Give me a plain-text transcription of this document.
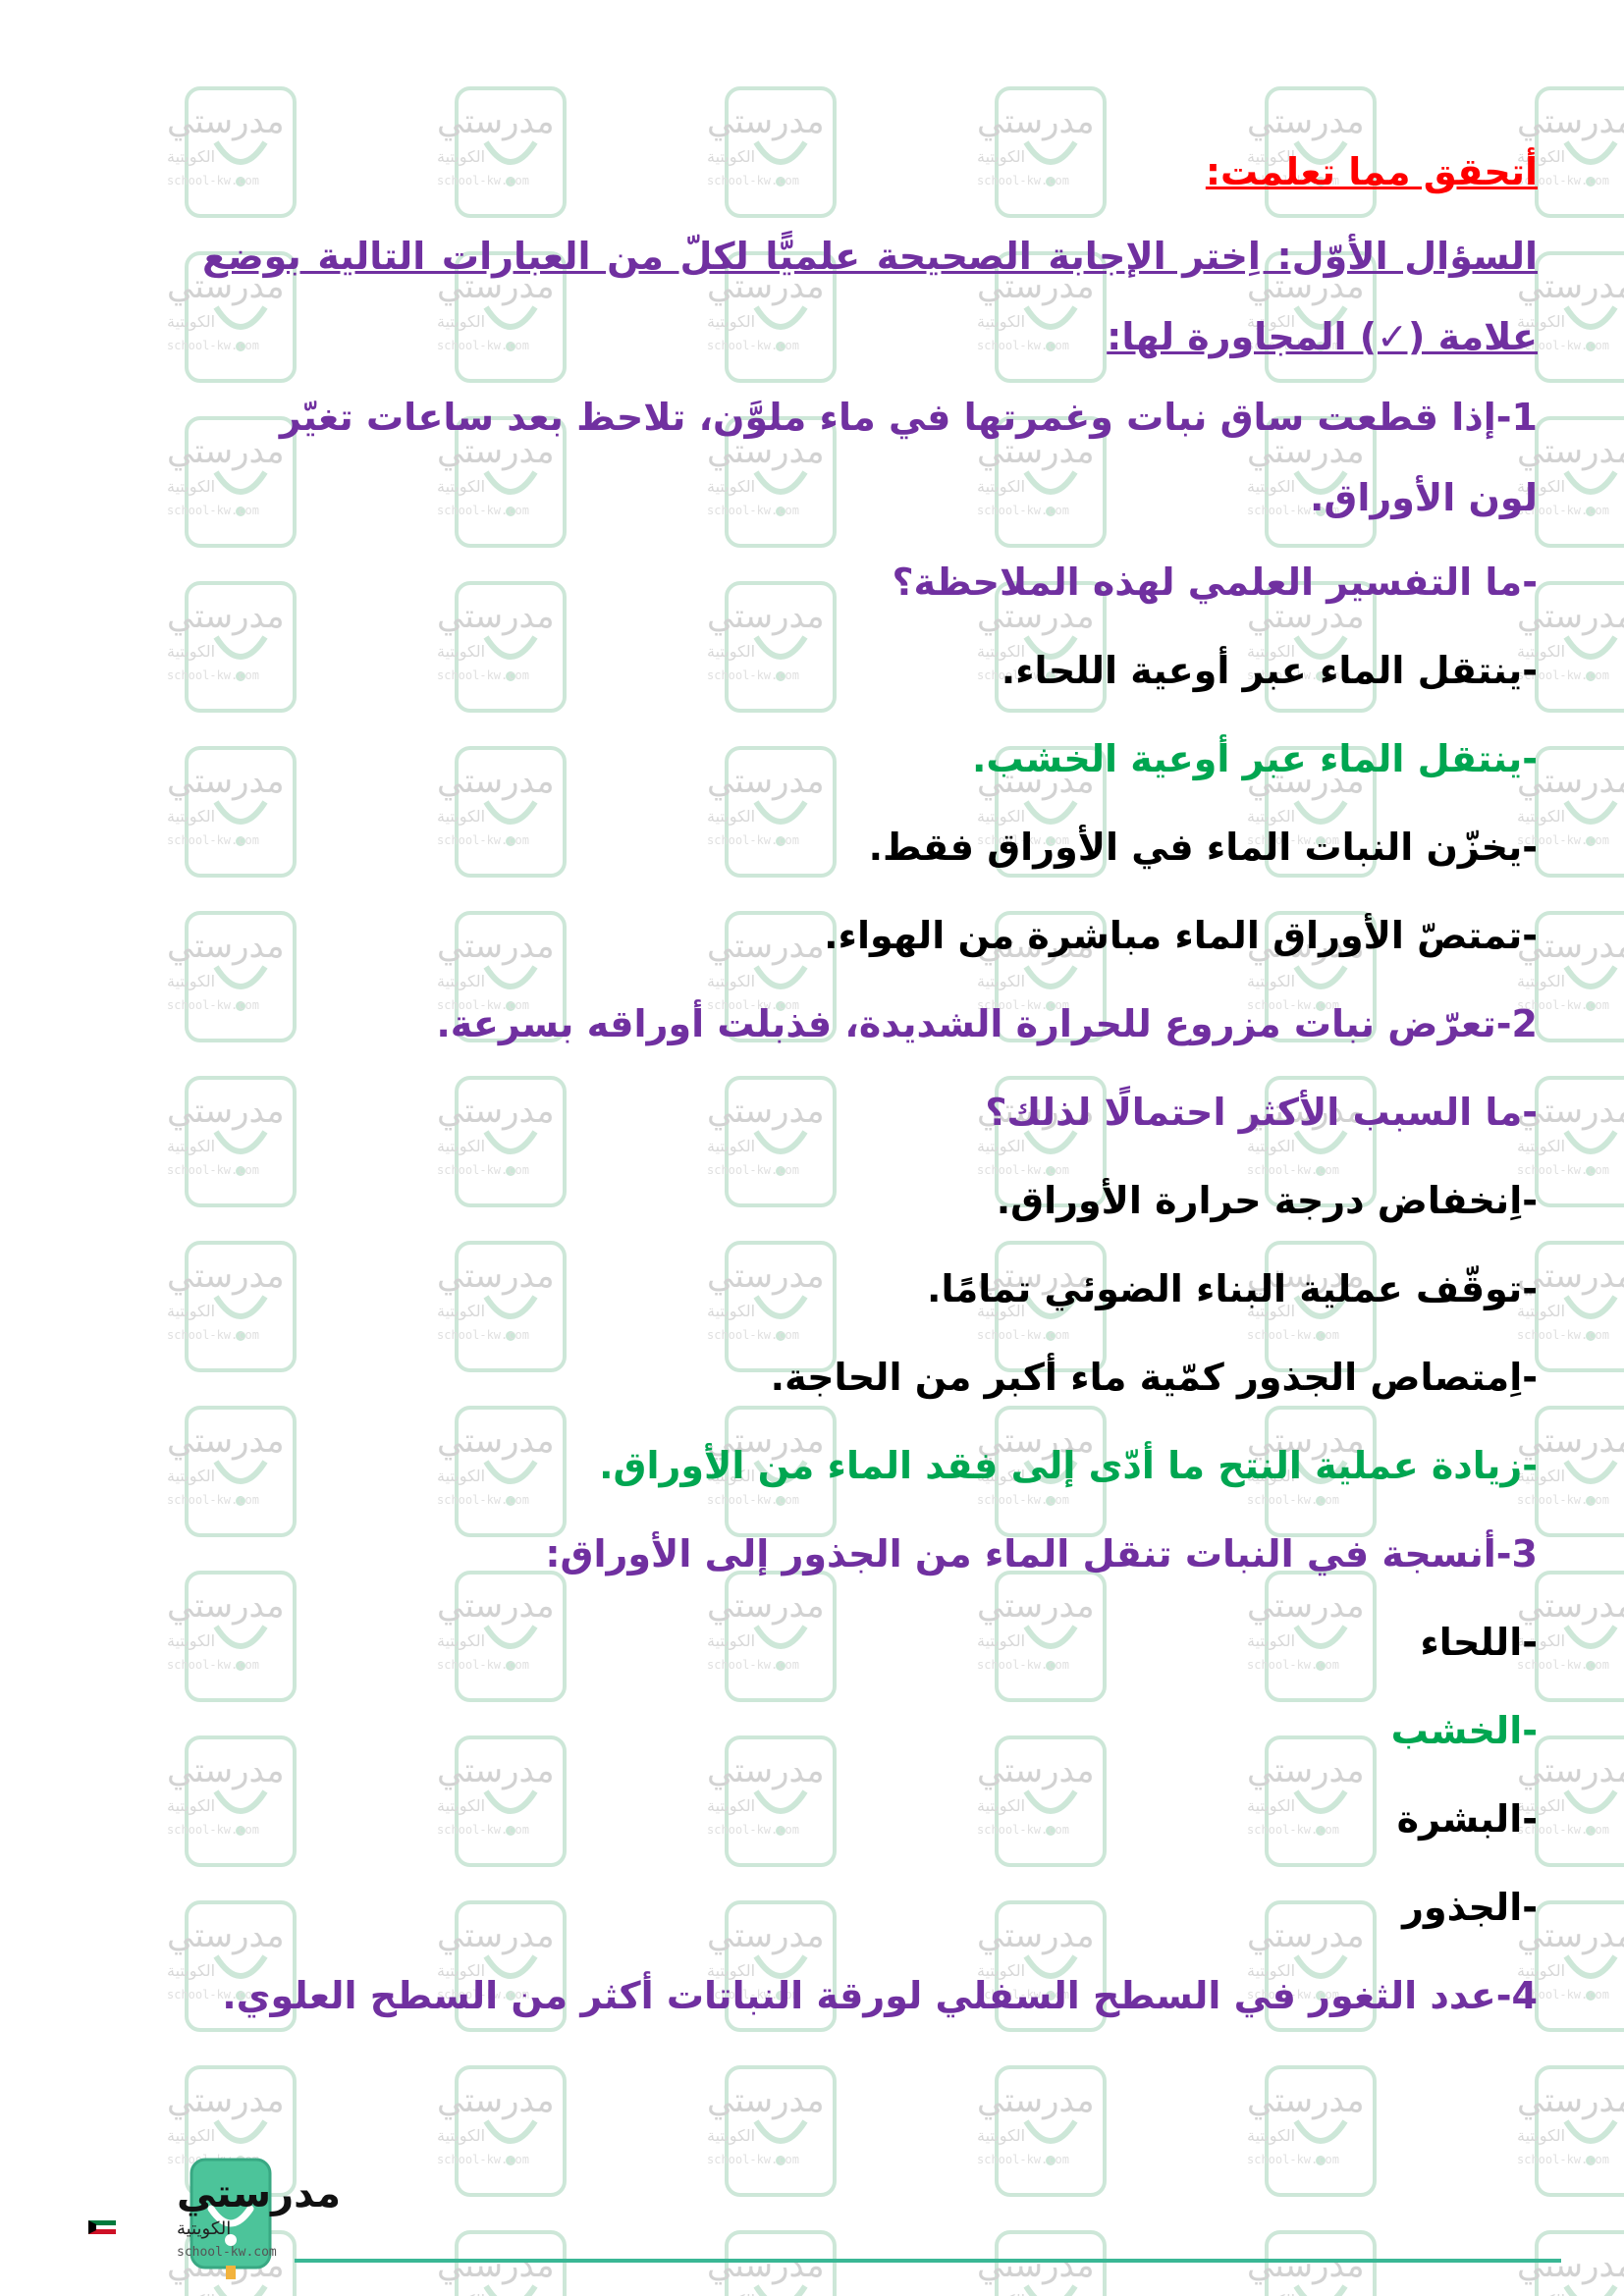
مدرستي
الكويتية
school-kw.com
أتحقق مما تعلمت:
السؤال الأوّل: اِختر الإجابة الصحيحة علميًّا لكلّ من العبارات التالية بوضع علامة (✓) المجاورة لها:
1-إذا قطعت ساق نبات وغمرتها في ماء ملوَّن، تلاحظ بعد ساعات تغيّر لون الأوراق.
-ما التفسير العلمي لهذه الملاحظة؟
-ينتقل الماء عبر أوعية اللحاء.
-ينتقل الماء عبر أوعية الخشب.
-يخزّن النبات الماء في الأوراق فقط.
-تمتصّ الأوراق الماء مباشرة من الهواء.
2-تعرّض نبات مزروع للحرارة الشديدة، فذبلت أوراقه بسرعة.
-ما السبب الأكثر احتمالًا لذلك؟
-اِنخفاض درجة حرارة الأوراق.
-توقّف عملية البناء الضوئي تمامًا.
-اِمتصاص الجذور كمّية ماء أكبر من الحاجة.
-زيادة عملية النتح ما أدّى إلى فقد الماء من الأوراق.
3-أنسجة في النبات تنقل الماء من الجذور إلى الأوراق:
-اللحاء
-الخشب
-البشرة
-الجذور
4-عدد الثغور في السطح السفلي لورقة النباتات أكثر من السطح العلوي.
مدرستي
الكويتية
school-kw.com
